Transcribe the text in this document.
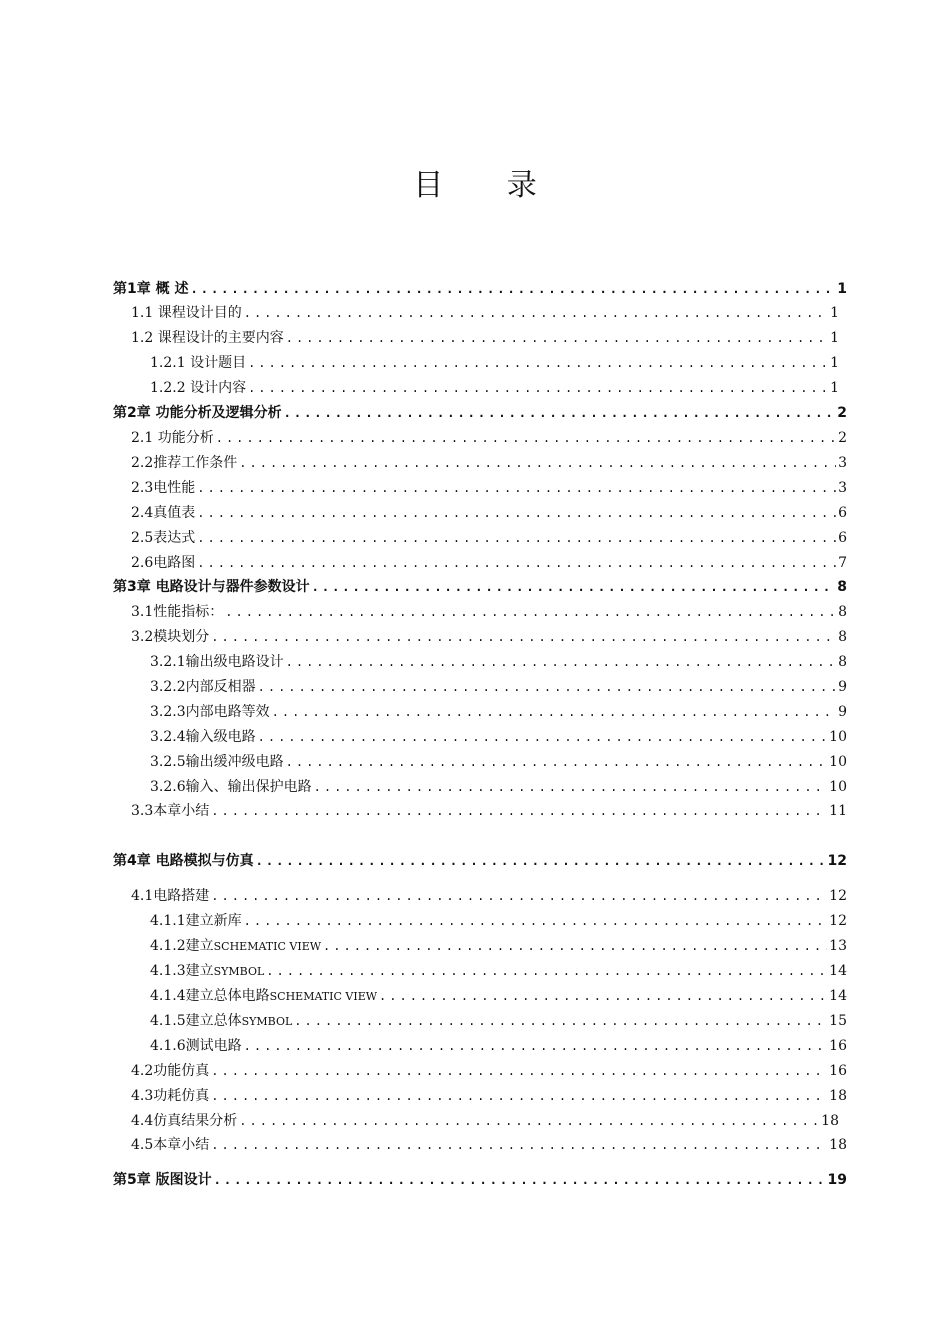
目 录
第1章 概 述 .....	1
1.1 课程设计目的 .....	1
1.2 课程设计的主要内容 .....	1
1.2.1 设计题目 .....	1
1.2.2 设计内容 .....	1
第2章 功能分析及逻辑分析 .....	2
2.1 功能分析 .....	2
2.2推荐工作条件 .....	3
2.3电性能 .....	3
2.4真值表 .....	6
2.5表达式 .....	6
2.6电路图 .....	7
第3章 电路设计与器件参数设计 .....	8
3.1性能指标： .....	8
3.2模块划分 .....	8
3.2.1输出级电路设计 .....	8
3.2.2内部反相器 .....	9
3.2.3内部电路等效 .....	9
3.2.4输入级电路 .....	10
3.2.5输出缓冲级电路 .....	10
3.2.6输入、输出保护电路 .....	10
3.3本章小结 .....	11
第4章 电路模拟与仿真 .....	12
4.1电路搭建 .....	12
4.1.1建立新库 .....	12
4.1.2建立SCHEMATIC VIEW .....	13
4.1.3建立SYMBOL .....	14
4.1.4建立总体电路SCHEMATIC VIEW .....	14
4.1.5建立总体SYMBOL .....	15
4.1.6测试电路 .....	16
4.2功能仿真 .....	16
4.3功耗仿真 .....	18
4.4仿真结果分析 .....	18
4.5本章小结 .....	18
第5章 版图设计 .....	19
